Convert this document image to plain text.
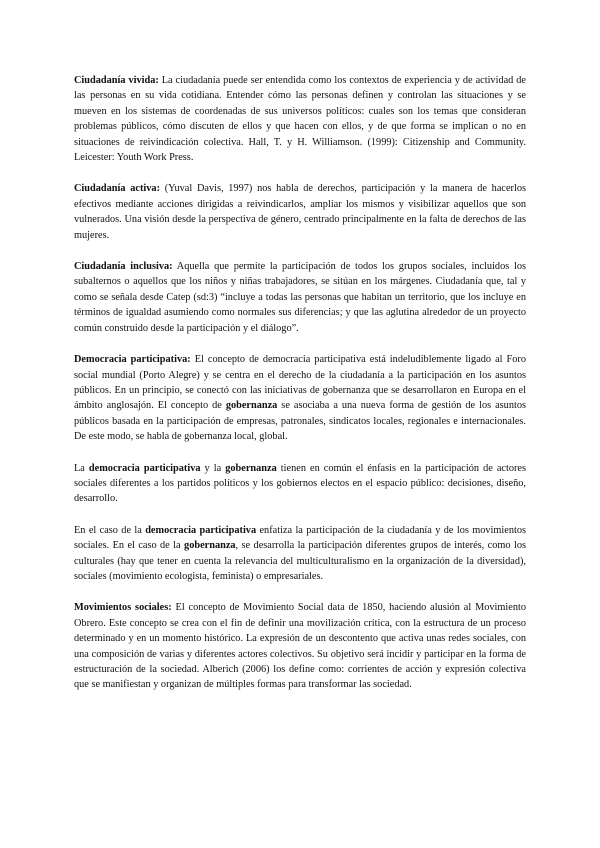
Ciudadanía vivida: La ciudadanía puede ser entendida como los contextos de experiencia y de actividad de las personas en su vida cotidiana. Entender cómo las personas definen y controlan las situaciones y se mueven en los sistemas de coordenadas de sus universos políticos: cuales son los temas que consideran problemas públicos, cómo discuten de ellos y que hacen con ellos, y de que forma se implican o no en situaciones de reivindicación colectiva. Hall, T. y H. Williamson. (1999): Citizenship and Community. Leicester: Youth Work Press.

Ciudadanía activa: (Yuval Davis, 1997) nos habla de derechos, participación y la manera de hacerlos efectivos mediante acciones dirigidas a reivindicarlos, ampliar los mismos y visibilizar aquellos que son vulnerados. Una visión desde la perspectiva de género, centrado principalmente en la falta de derechos de las mujeres.

Ciudadanía inclusiva: Aquella que permite la participación de todos los grupos sociales, incluidos los subalternos o aquellos que los niños y niñas trabajadores, se sitúan en los márgenes. Ciudadanía que, tal y como se señala desde Catep (sd:3) “incluye a todas las personas que habitan un territorio, que los incluye en términos de igualdad asumiendo como normales sus diferencias; y que las aglutina alrededor de un proyecto común construido desde la participación y el diálogo”.

Democracia participativa: El concepto de democracia participativa está indeludiblemente ligado al Foro social mundial (Porto Alegre) y se centra en el derecho de la ciudadanía a la participación en los asuntos públicos. En un principio, se conectó con las iniciativas de gobernanza que se desarrollaron en Europa en el ámbito anglosajón. El concepto de gobernanza se asociaba a una nueva forma de gestión de los asuntos públicos basada en la participación de empresas, patronales, sindicatos locales, regionales e internacionales. De este modo, se habla de gobernanza local, global.

La democracia participativa y la gobernanza tienen en común el énfasis en la participación de actores sociales diferentes a los partidos políticos y los gobiernos electos en el espacio público: decisiones, diseño, desarrollo.

En el caso de la democracia participativa enfatiza la participación de la ciudadanía y de los movimientos sociales. En el caso de la gobernanza, se desarrolla la participación diferentes grupos de interés, como los culturales (hay que tener en cuenta la relevancia del multiculturalismo en la organización de la diversidad), sociales (movimiento ecologista, feminista) o empresariales.

Movimientos sociales: El concepto de Movimiento Social data de 1850, haciendo alusión al Movimiento Obrero. Este concepto se crea con el fin de definir una movilización crítica, con la estructura de un proceso determinado y en un momento histórico. La expresión de un descontento que activa unas redes sociales, con una composición de varias y diferentes actores colectivos. Su objetivo será incidir y participar en la forma de estructuración de la sociedad. Alberich (2006) los define como: corrientes de acción y expresión colectiva que se manifiestan y organizan de múltiples formas para transformar las sociedad.
